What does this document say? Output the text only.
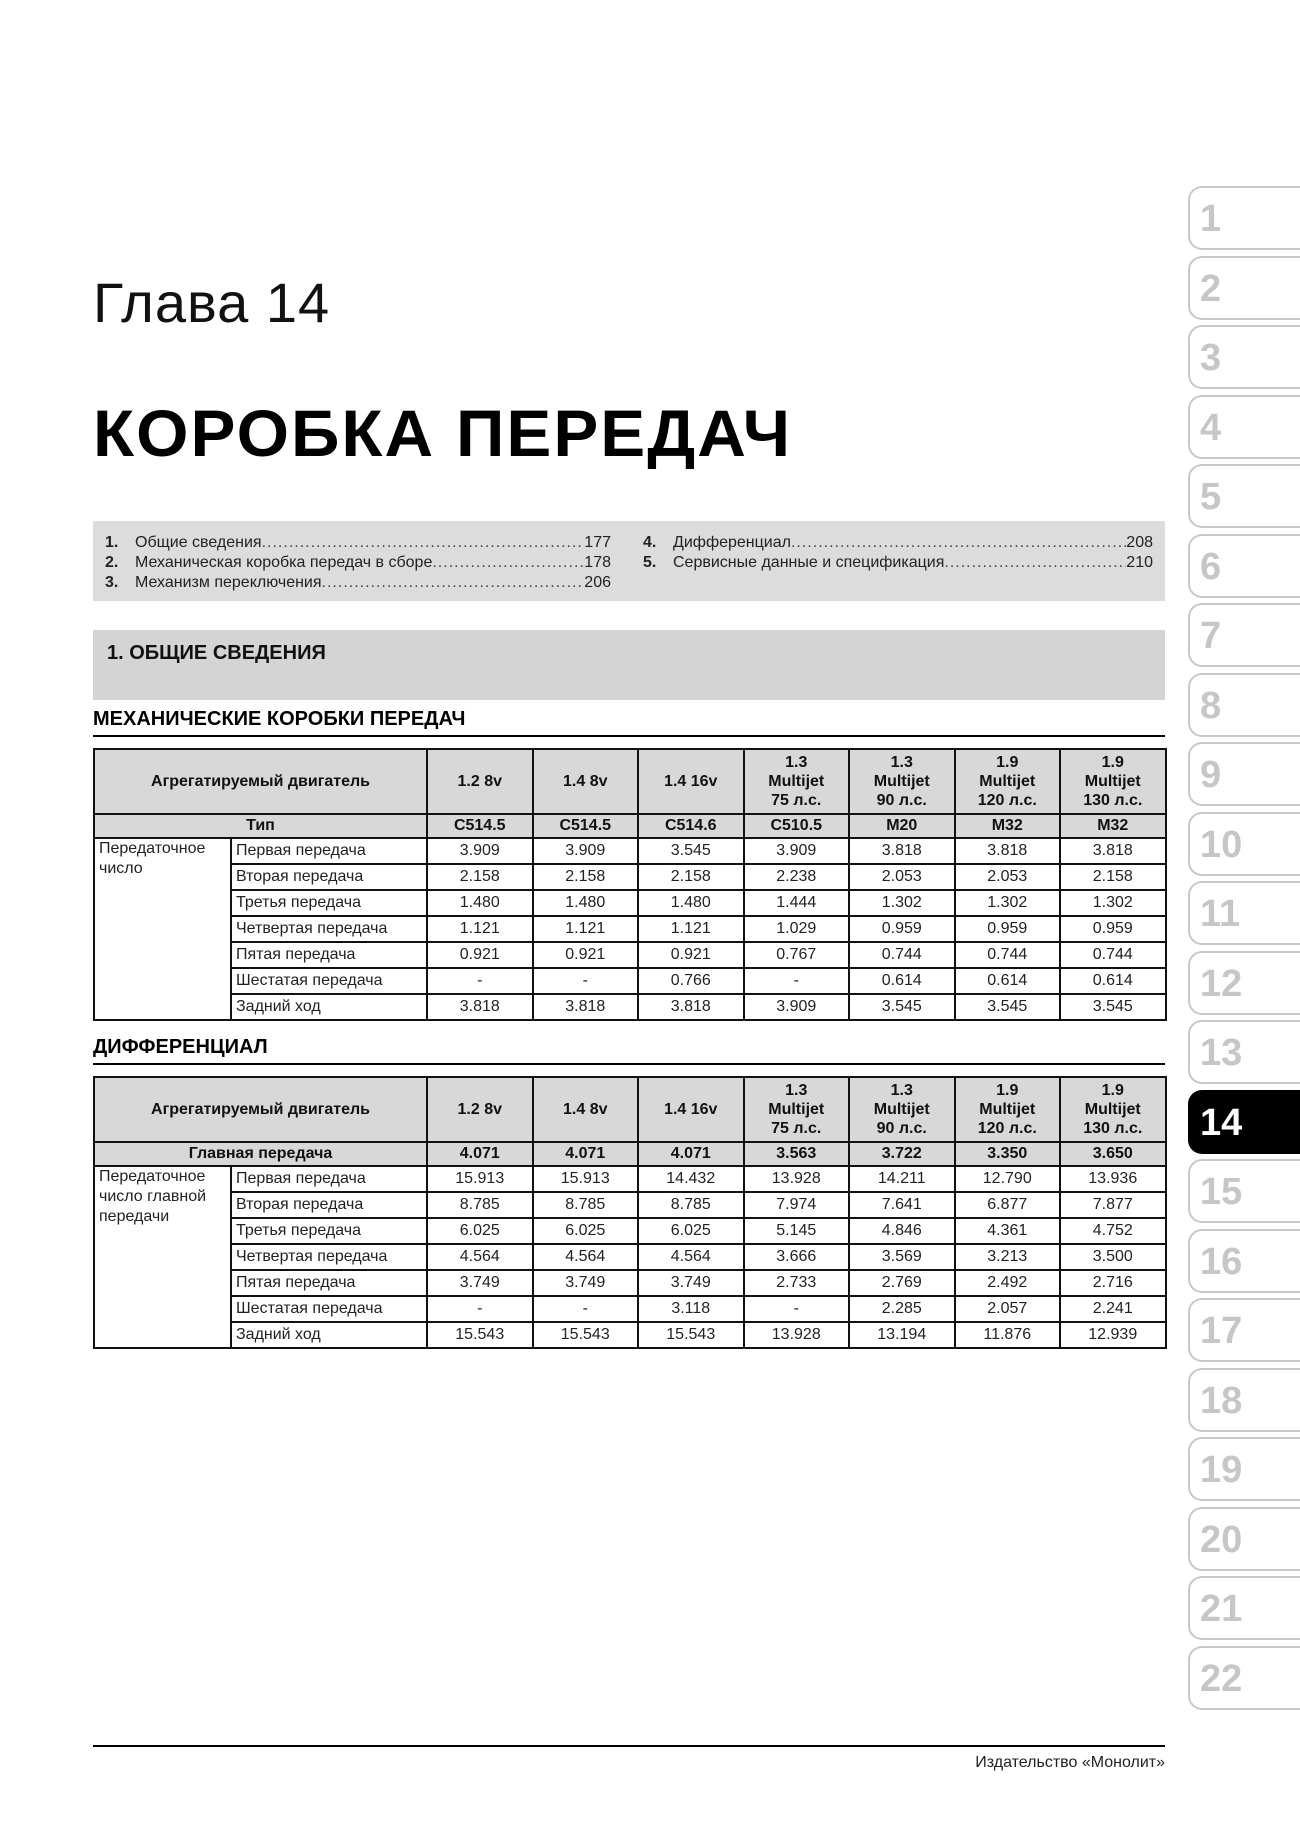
Глава 14
КОРОБКА ПЕРЕДАЧ
1.	Общие сведения .....	177
2.	Механическая коробка передач в сборе .....	178
3.	Механизм переключения .....	206
4.	Дифференциал .....	208
5.	Сервисные данные и спецификация .....	210
1. ОБЩИЕ СВЕДЕНИЯ
МЕХАНИЧЕСКИЕ КОРОБКИ ПЕРЕДАЧ
Агрегатируемый двигатель		1.2 8v	1.4 8v	1.4 16v	1.3
Multijet
75 л.с.	1.3
Multijet
90 л.с.	1.9
Multijet
120 л.с.	1.9
Multijet
130 л.с.
Тип		C514.5	C514.5	C514.6	C510.5	M20	M32	M32
Передаточное число	Первая передача	3.909	3.909	3.545	3.909	3.818	3.818	3.818
	Вторая передача	2.158	2.158	2.158	2.238	2.053	2.053	2.158
	Третья передача	1.480	1.480	1.480	1.444	1.302	1.302	1.302
	Четвертая передача	1.121	1.121	1.121	1.029	0.959	0.959	0.959
	Пятая передача	0.921	0.921	0.921	0.767	0.744	0.744	0.744
	Шестатая передача	-	-	0.766	-	0.614	0.614	0.614
	Задний ход	3.818	3.818	3.818	3.909	3.545	3.545	3.545
ДИФФЕРЕНЦИАЛ
Агрегатируемый двигатель		1.2 8v	1.4 8v	1.4 16v	1.3
Multijet
75 л.с.	1.3
Multijet
90 л.с.	1.9
Multijet
120 л.с.	1.9
Multijet
130 л.с.
Главная передача		4.071	4.071	4.071	3.563	3.722	3.350	3.650
Передаточное число главной передачи	Первая передача	15.913	15.913	14.432	13.928	14.211	12.790	13.936
	Вторая передача	8.785	8.785	8.785	7.974	7.641	6.877	7.877
	Третья передача	6.025	6.025	6.025	5.145	4.846	4.361	4.752
	Четвертая передача	4.564	4.564	4.564	3.666	3.569	3.213	3.500
	Пятая передача	3.749	3.749	3.749	2.733	2.769	2.492	2.716
	Шестатая передача	-	-	3.118	-	2.285	2.057	2.241
	Задний ход	15.543	15.543	15.543	13.928	13.194	11.876	12.939
1
2
3
4
5
6
7
8
9
10
11
12
13
14
15
16
17
18
19
20
21
22
Издательство «Монолит»
